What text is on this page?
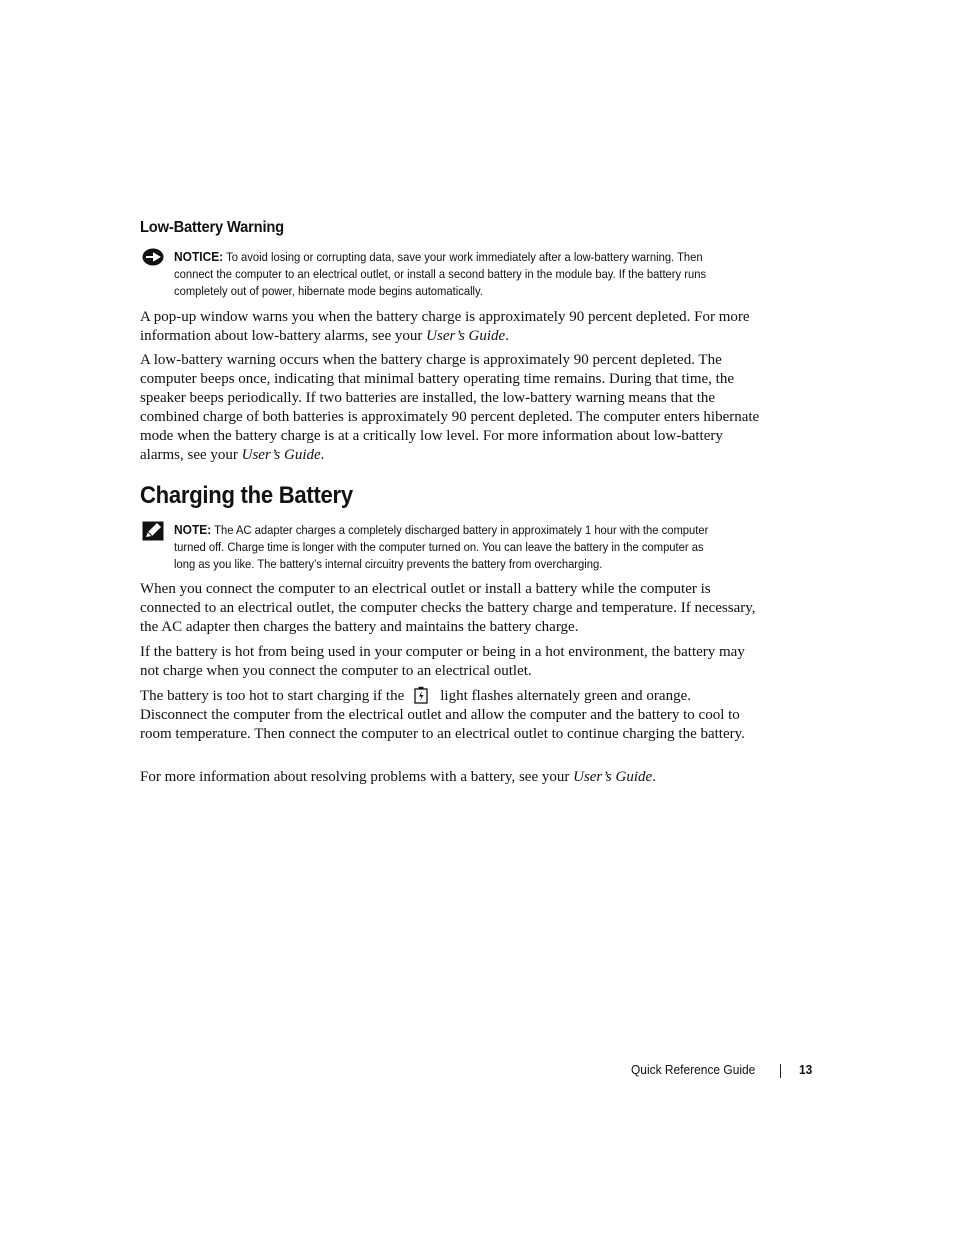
Low-Battery Warning
NOTICE: To avoid losing or corrupting data, save your work immediately after a low-battery warning. Then connect the computer to an electrical outlet, or install a second battery in the module bay. If the battery runs completely out of power, hibernate mode begins automatically.

A pop-up window warns you when the battery charge is approximately 90 percent depleted. For more information about low-battery alarms, see your User’s Guide.

A low-battery warning occurs when the battery charge is approximately 90 percent depleted. The computer beeps once, indicating that minimal battery operating time remains. During that time, the speaker beeps periodically. If two batteries are installed, the low-battery warning means that the combined charge of both batteries is approximately 90 percent depleted. The computer enters hibernate mode when the battery charge is at a critically low level. For more information about low-battery alarms, see your User’s Guide.

Charging the Battery
NOTE: The AC adapter charges a completely discharged battery in approximately 1 hour with the computer turned off. Charge time is longer with the computer turned on. You can leave the battery in the computer as long as you like. The battery’s internal circuitry prevents the battery from overcharging.

When you connect the computer to an electrical outlet or install a battery while the computer is connected to an electrical outlet, the computer checks the battery charge and temperature. If necessary, the AC adapter then charges the battery and maintains the battery charge.

If the battery is hot from being used in your computer or being in a hot environment, the battery may not charge when you connect the computer to an electrical outlet.

The battery is too hot to start charging if the light flashes alternately green and orange. Disconnect the computer from the electrical outlet and allow the computer and the battery to cool to room temperature. Then connect the computer to an electrical outlet to continue charging the battery.

For more information about resolving problems with a battery, see your User’s Guide.

Quick Reference Guide	13
